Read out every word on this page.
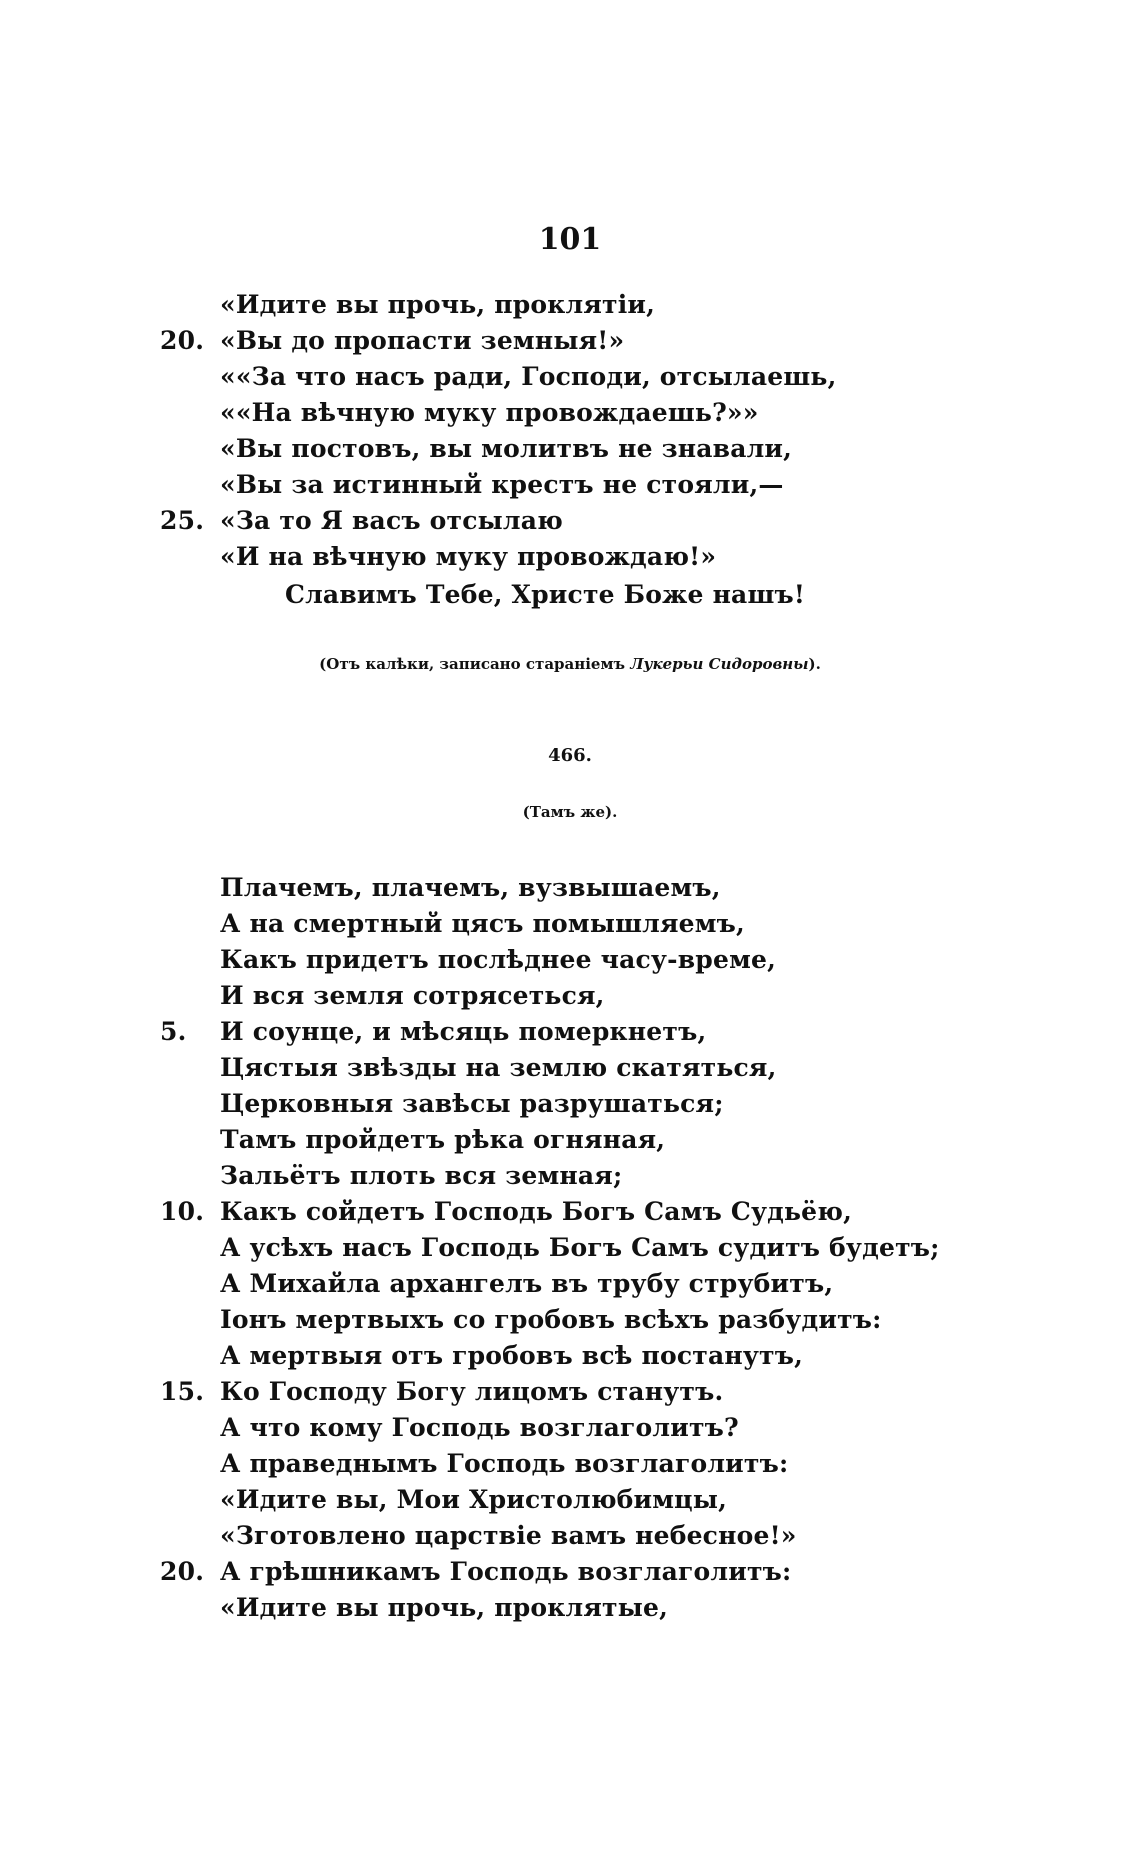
101
«Идите вы прочь, проклятіи,
20. «Вы до пропасти земныя!»
««За что насъ ради, Господи, отсылаешь,
««На вѣчную муку провождаешь?»»
«Вы постовъ, вы молитвъ не знавали,
«Вы за истинный крестъ не стояли,—
25. «За то Я васъ отсылаю
«И на вѣчную муку провождаю!»
Славимъ Тебе, Христе Боже нашъ!
(Отъ калѣки, записано стараніемъ Лукерьи Сидоровны).
466.
(Тамъ же).
Плачемъ, плачемъ, вузвышаемъ,
А на смертный цясъ помышляемъ,
Какъ придетъ послѣднее часу-време,
И вся земля сотрясеться,
5.	И соунце, и мѣсяць померкнетъ,
Цястыя звѣзды на землю скатяться,
Церковныя завѣсы разрушаться;
Тамъ пройдетъ рѣка огняная,
Зальётъ плоть вся земная;
10. Какъ сойдетъ Господь Богъ Самъ Судьёю,
А усѣхъ насъ Господь Богъ Самъ судитъ будетъ;
А Михайла архангелъ въ трубу струбитъ,
Іонъ мертвыхъ со гробовъ всѣхъ разбудитъ:
А мертвыя отъ гробовъ всѣ постанутъ,
15. Ко Господу Богу лицомъ станутъ.
А что кому Господь возглаголитъ?
А праведнымъ Господь возглаголитъ:
«Идите вы, Мои Христолюбимцы,
«Зготовлено царствіе вамъ небесное!»
20. А грѣшникамъ Господь возглаголитъ:
«Идите вы прочь, проклятые,
